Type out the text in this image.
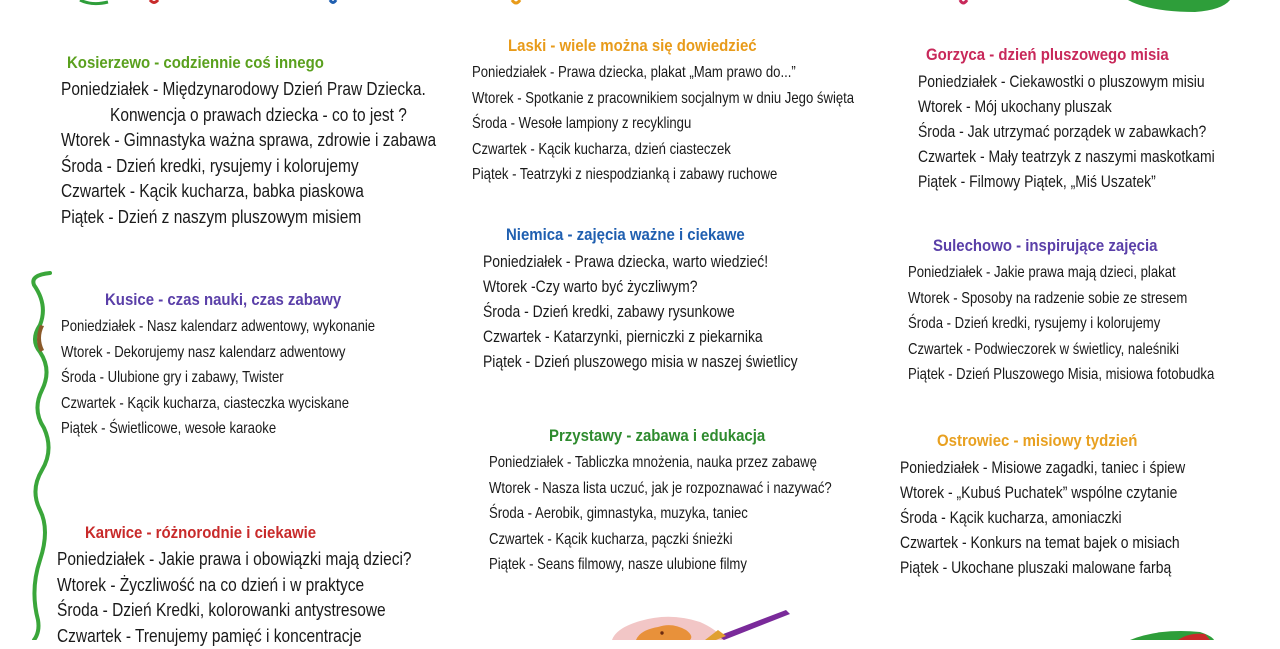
Kosierzewo - codziennie coś innego
Poniedziałek - Międzynarodowy Dzień Praw Dziecka.
Konwencja o prawach dziecka - co to jest ?
Wtorek - Gimnastyka ważna sprawa, zdrowie i zabawa
Środa - Dzień kredki, rysujemy i kolorujemy
Czwartek - Kącik kucharza, babka piaskowa
Piątek - Dzień z naszym pluszowym misiem
Laski - wiele można się dowiedzieć
Poniedziałek - Prawa dziecka, plakat „Mam prawo do...”
Wtorek - Spotkanie z pracownikiem socjalnym w dniu Jego święta
Środa - Wesołe lampiony z recyklingu
Czwartek - Kącik kucharza, dzień ciasteczek
Piątek - Teatrzyki z niespodzianką i zabawy ruchowe
Gorzyca - dzień pluszowego misia
Poniedziałek - Ciekawostki o pluszowym misiu
Wtorek - Mój ukochany pluszak
Środa - Jak utrzymać porządek w zabawkach?
Czwartek - Mały teatrzyk z naszymi maskotkami
Piątek - Filmowy Piątek, „Miś Uszatek”
Niemica - zajęcia ważne i ciekawe
Poniedziałek - Prawa dziecka, warto wiedzieć!
Wtorek -Czy warto być życzliwym?
Środa - Dzień kredki, zabawy rysunkowe
Czwartek - Katarzynki, pierniczki z piekarnika
Piątek - Dzień pluszowego misia w naszej świetlicy
Kusice - czas nauki, czas zabawy
Poniedziałek - Nasz kalendarz adwentowy, wykonanie
Wtorek - Dekorujemy nasz kalendarz adwentowy
Środa - Ulubione gry i zabawy, Twister
Czwartek - Kącik kucharza, ciasteczka wyciskane
Piątek - Świetlicowe, wesołe karaoke
Sulechowo - inspirujące zajęcia
Poniedziałek - Jakie prawa mają dzieci, plakat
Wtorek - Sposoby na radzenie sobie ze stresem
Środa - Dzień kredki, rysujemy i kolorujemy
Czwartek - Podwieczorek w świetlicy, naleśniki
Piątek - Dzień Pluszowego Misia, misiowa fotobudka
Przystawy - zabawa i edukacja
Poniedziałek - Tabliczka mnożenia, nauka przez zabawę
Wtorek - Nasza lista uczuć, jak je rozpoznawać i nazywać?
Środa - Aerobik, gimnastyka, muzyka, taniec
Czwartek - Kącik kucharza, pączki śnieżki
Piątek - Seans filmowy, nasze ulubione filmy
Ostrowiec - misiowy tydzień
Poniedziałek - Misiowe zagadki, taniec i śpiew
Wtorek - „Kubuś Puchatek” wspólne czytanie
Środa - Kącik kucharza, amoniaczki
Czwartek - Konkurs na temat bajek o misiach
Piątek - Ukochane pluszaki malowane farbą
Karwice - różnorodnie i ciekawie
Poniedziałek - Jakie prawa i obowiązki mają dzieci?
Wtorek - Życzliwość na co dzień i w praktyce
Środa - Dzień Kredki, kolorowanki antystresowe
Czwartek - Trenujemy pamięć i koncentracje
